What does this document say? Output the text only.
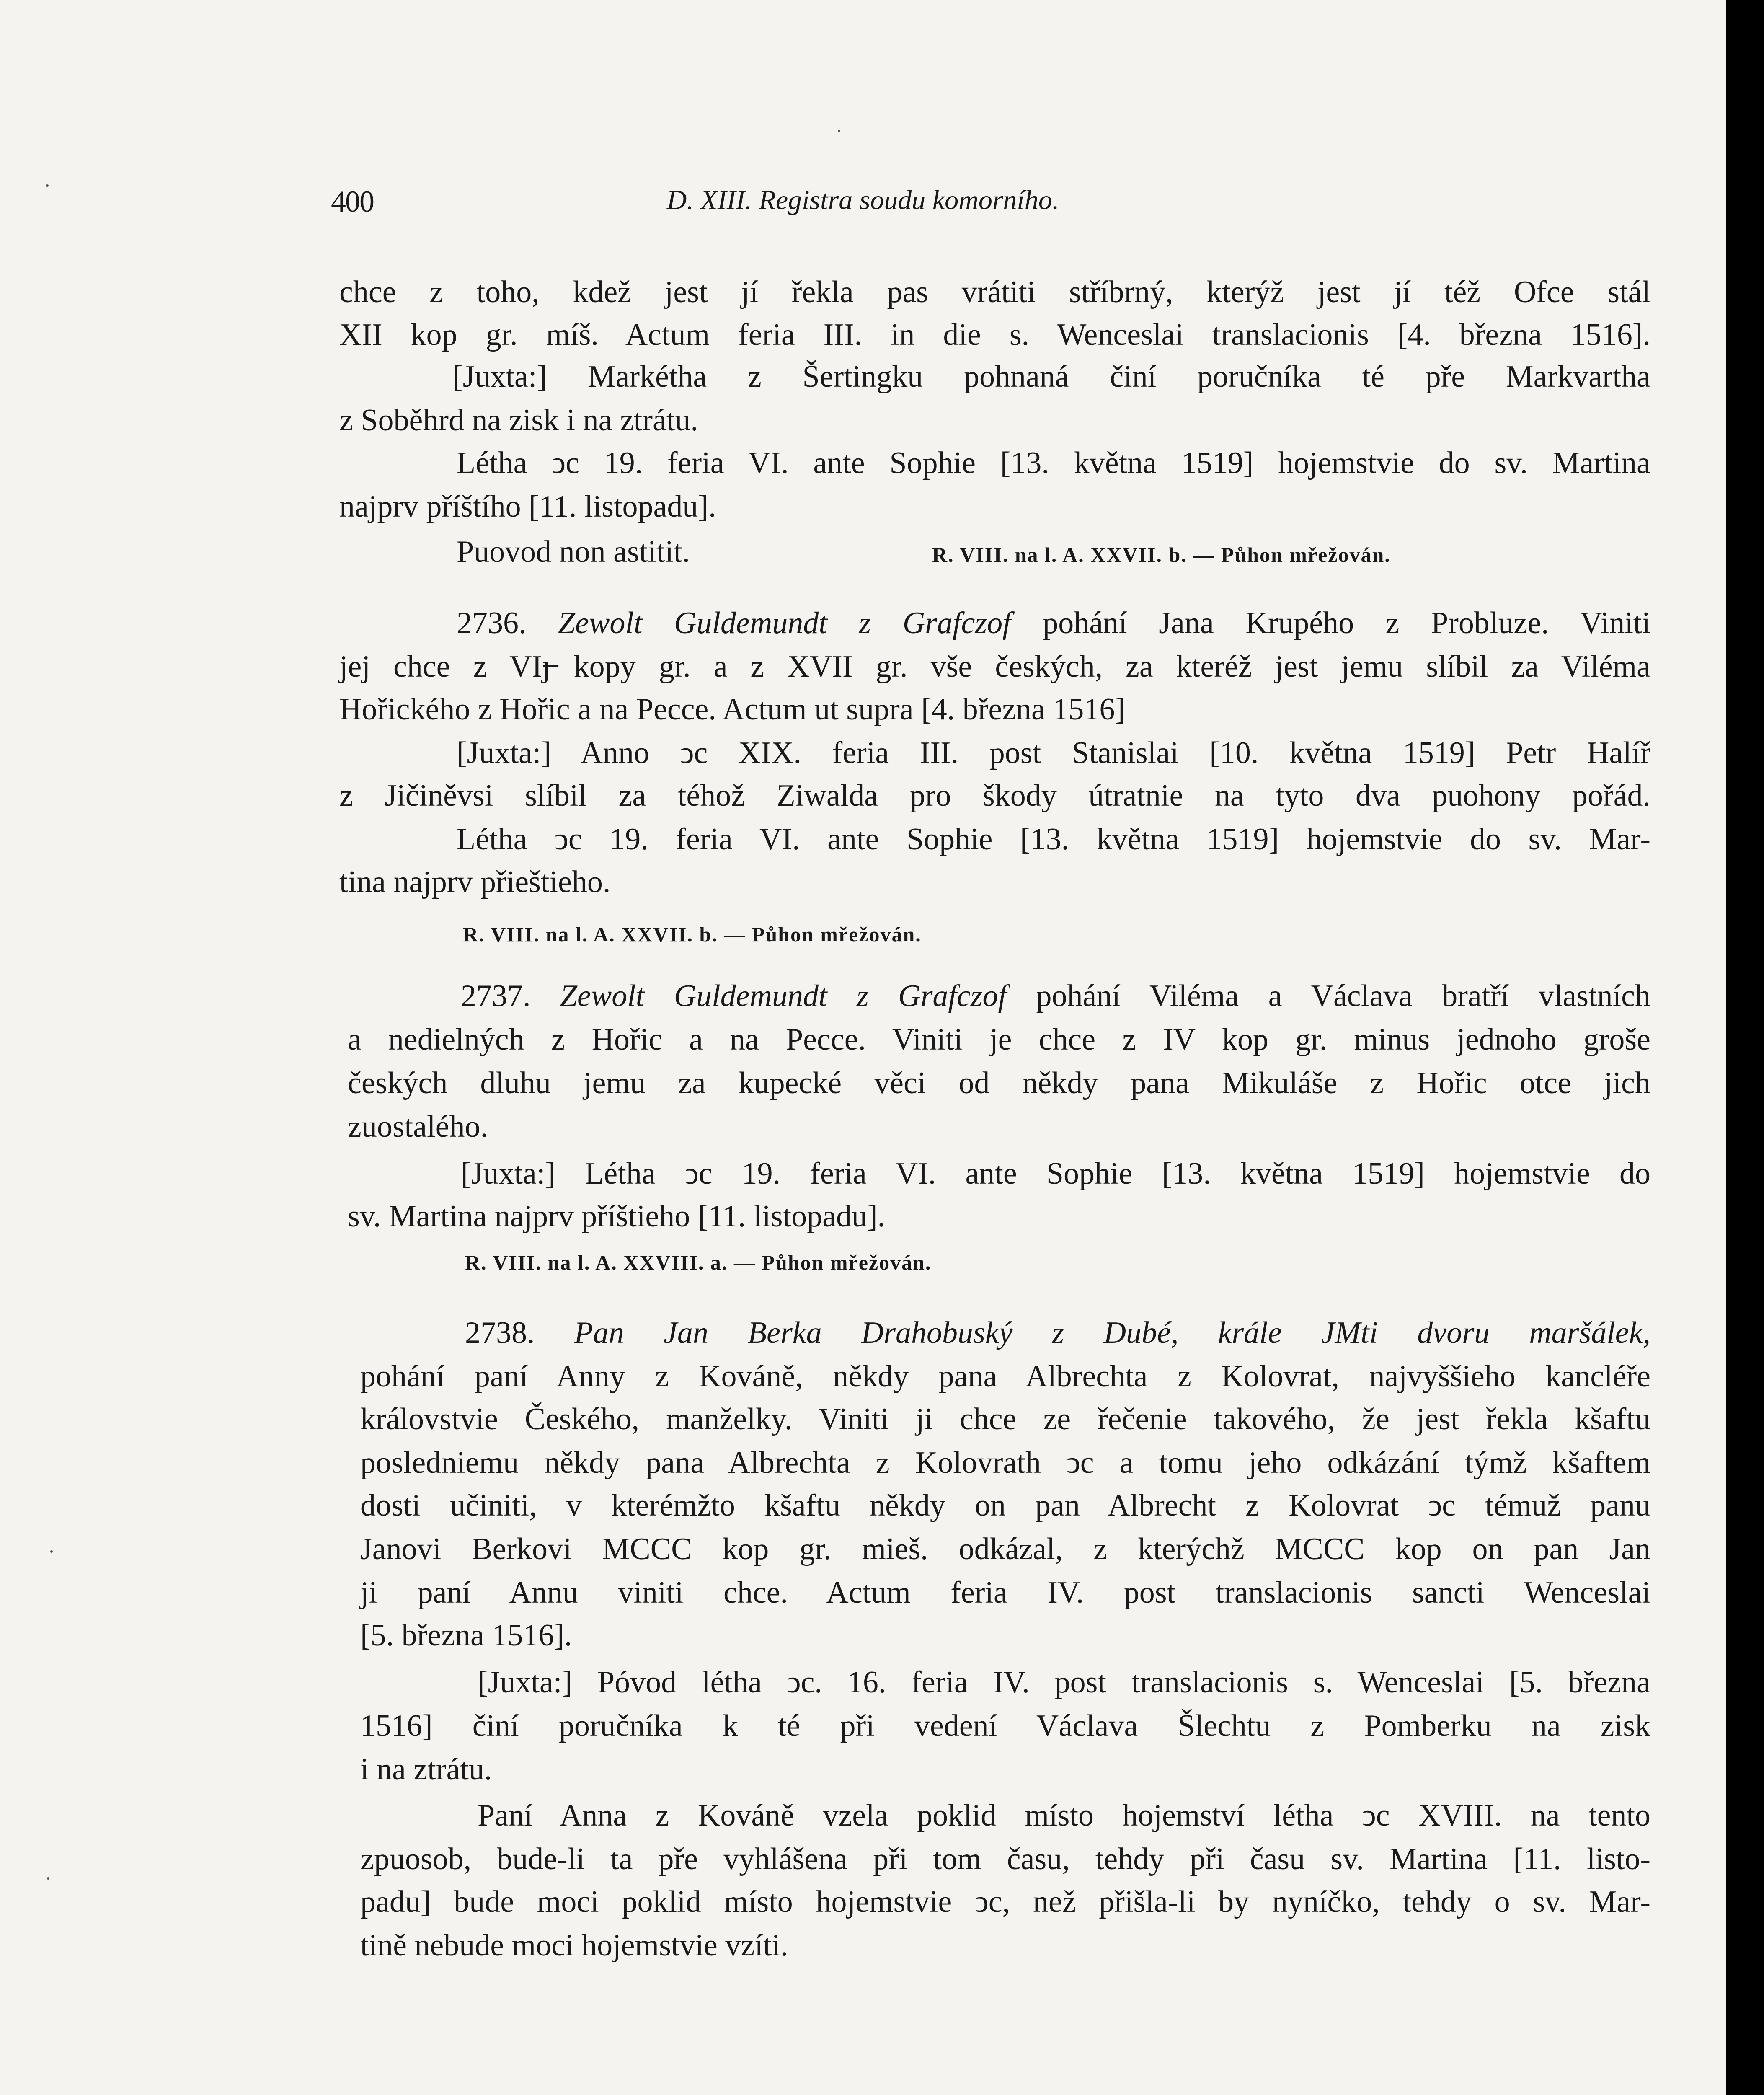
400	D. XIII. Registra soudu komorního.
chce z toho, kdež jest jí řekla pas vrátiti stříbrný, kterýž jest jí též Ofce stál
XII kop gr. míš. Actum feria III. in die s. Wenceslai translacionis [4. března 1516].
[Juxta:] Markétha z Šertingku pohnaná činí poručníka té pře Markvartha
z Soběhrd na zisk i na ztrátu.
Létha ͻc 19. feria VI. ante Sophie [13. května 1519] hojemstvie do sv. Martina
najprv příštího [11. listopadu].
Puovod non astitit.	R. VIII. na l. A. XXVII. b. — Půhon mřežován.
2736. Zewolt Guldemundt z Grafczof pohání Jana Krupého z Probluze. Viniti
jej chce z VIȷ̶ kopy gr. a z XVII gr. vše českých, za kteréž jest jemu slíbil za Viléma
Hořického z Hořic a na Pecce. Actum ut supra [4. března 1516]
[Juxta:] Anno ͻc XIX. feria III. post Stanislai [10. května 1519] Petr Halíř
z Jičiněvsi slíbil za téhož Ziwalda pro škody útratnie na tyto dva puohony pořád.
Létha ͻc 19. feria VI. ante Sophie [13. května 1519] hojemstvie do sv. Mar-
tina najprv přieštieho.
R. VIII. na l. A. XXVII. b. — Půhon mřežován.
2737. Zewolt Guldemundt z Grafczof pohání Viléma a Václava bratří vlastních
a nedielných z Hořic a na Pecce. Viniti je chce z IV kop gr. minus jednoho groše
českých dluhu jemu za kupecké věci od někdy pana Mikuláše z Hořic otce jich
zuostalého.
[Juxta:] Létha ͻc 19. feria VI. ante Sophie [13. května 1519] hojemstvie do
sv. Martina najprv příštieho [11. listopadu].
R. VIII. na l. A. XXVIII. a. — Půhon mřežován.
2738. Pan Jan Berka Drahobuský z Dubé, krále JMti dvoru maršálek,
pohání paní Anny z Kováně, někdy pana Albrechta z Kolovrat, najvyššieho kancléře
královstvie Českého, manželky. Viniti ji chce ze řečenie takového, že jest řekla kšaftu
posledniemu někdy pana Albrechta z Kolovrath ͻc a tomu jeho odkázání týmž kšaftem
dosti učiniti, v kterémžto kšaftu někdy on pan Albrecht z Kolovrat ͻc témuž panu
Janovi Berkovi MCCC kop gr. mieš. odkázal, z kterýchž MCCC kop on pan Jan
ji paní Annu viniti chce. Actum feria IV. post translacionis sancti Wenceslai
[5. března 1516].
[Juxta:] Póvod létha ͻc. 16. feria IV. post translacionis s. Wenceslai [5. března
1516] činí poručníka k té při vedení Václava Šlechtu z Pomberku na zisk
i na ztrátu.
Paní Anna z Kováně vzela poklid místo hojemství létha ͻc XVIII. na tento
zpuosob, bude-li ta pře vyhlášena při tom času, tehdy při času sv. Martina [11. listo-
padu] bude moci poklid místo hojemstvie ͻc, než přišla-li by nyníčko, tehdy o sv. Mar-
tině nebude moci hojemstvie vzíti.
